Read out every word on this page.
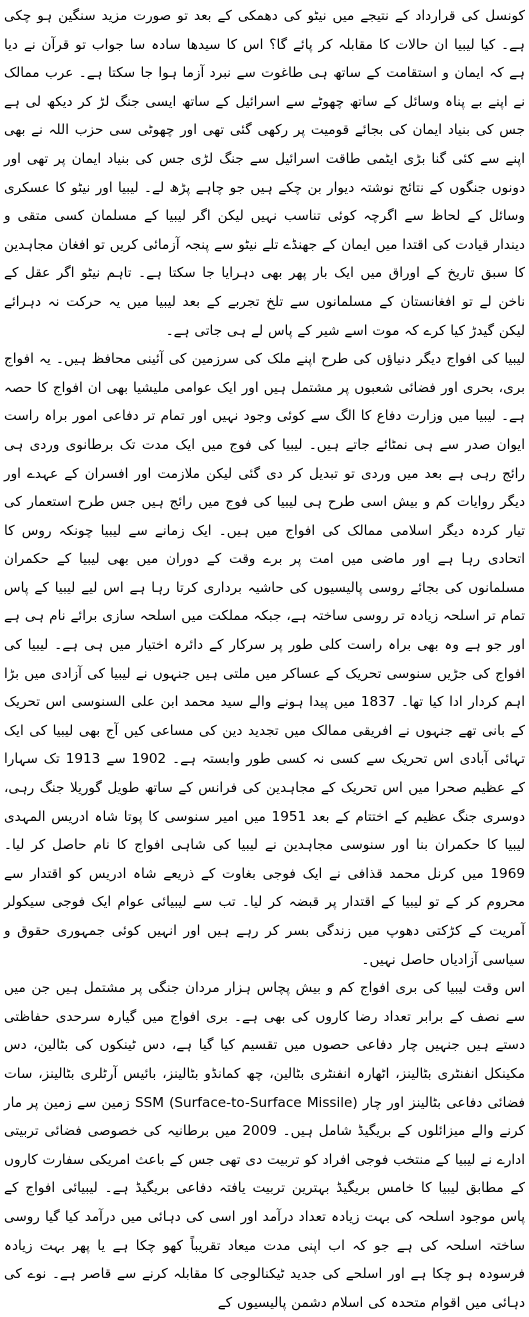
کونسل کی قرارداد کے نتیجے میں نیٹو کی دھمکی کے بعد تو صورت مزید سنگین ہو چکی ہے۔ کیا لیبیا ان حالات کا مقابلہ کر پائے گا؟ اس کا سیدھا سادہ سا جواب تو قرآن نے دیا ہے کہ ایمان و استقامت کے ساتھ ہی طاغوت سے نبرد آزما ہوا جا سکتا ہے۔ عرب ممالک نے اپنے بے پناہ وسائل کے ساتھ چھوٹے سے اسرائیل کے ساتھ ایسی جنگ لڑ کر دیکھ لی ہے جس کی بنیاد ایمان کی بجائے قومیت پر رکھی گئی تھی اور چھوٹی سی حزب اللہ نے بھی اپنے سے کئی گنا بڑی ایٹمی طاقت اسرائیل سے جنگ لڑی جس کی بنیاد ایمان پر تھی اور دونوں جنگوں کے نتائج نوشتہ دیوار بن چکے ہیں جو چاہے پڑھ لے۔ لیبیا اور نیٹو کا عسکری وسائل کے لحاظ سے اگرچہ کوئی تناسب نہیں لیکن اگر لیبیا کے مسلمان کسی متقی و دیندار قیادت کی اقتدا میں ایمان کے جھنڈے تلے نیٹو سے پنجہ آزمائی کریں تو افغان مجاہدین کا سبق تاریخ کے اوراق میں ایک بار پھر بھی دہرایا جا سکتا ہے۔ تاہم نیٹو اگر عقل کے ناخن لے تو افغانستان کے مسلمانوں سے تلخ تجربے کے بعد لیبیا میں یہ حرکت نہ دہرائے لیکن گیدڑ کیا کرے کہ موت اسے شیر کے پاس لے ہی جاتی ہے۔

لیبیا کی افواج دیگر دنیاؤں کی طرح اپنے ملک کی سرزمین کی آئینی محافظ ہیں۔ یہ افواج بری، بحری اور فضائی شعبوں پر مشتمل ہیں اور ایک عوامی ملیشیا بھی ان افواج کا حصہ ہے۔ لیبیا میں وزارت دفاع کا الگ سے کوئی وجود نہیں اور تمام تر دفاعی امور براہ راست ایوان صدر سے ہی نمٹائے جاتے ہیں۔ لیبیا کی فوج میں ایک مدت تک برطانوی وردی ہی رائج رہی ہے بعد میں وردی تو تبدیل کر دی گئی لیکن ملازمت اور افسران کے عہدے اور دیگر روایات کم و بیش اسی طرح ہی لیبیا کی فوج میں رائج ہیں جس طرح استعمار کی تیار کردہ دیگر اسلامی ممالک کی افواج میں ہیں۔ ایک زمانے سے لیبیا چونکہ روس کا اتحادی رہا ہے اور ماضی میں امت پر برے وقت کے دوران میں بھی لیبیا کے حکمران مسلمانوں کی بجائے روسی پالیسیوں کی حاشیہ برداری کرتا رہا ہے اس لیے لیبیا کے پاس تمام تر اسلحہ زیادہ تر روسی ساختہ ہے، جبکہ مملکت میں اسلحہ سازی برائے نام ہی ہے اور جو ہے وہ بھی براہ راست کلی طور پر سرکار کے دائرہ اختیار میں ہی ہے۔ لیبیا کی افواج کی جڑیں سنوسی تحریک کے عساکر میں ملتی ہیں جنہوں نے لیبیا کی آزادی میں بڑا اہم کردار ادا کیا تھا۔ 1837 میں پیدا ہونے والے سید محمد ابن علی السنوسی اس تحریک کے بانی تھے جنہوں نے افریقی ممالک میں تجدید دین کی مساعی کیں آج بھی لیبیا کی ایک تہائی آبادی اس تحریک سے کسی نہ کسی طور وابستہ ہے۔ 1902 سے 1913 تک سہارا کے عظیم صحرا میں اس تحریک کے مجاہدین کی فرانس کے ساتھ طویل گوریلا جنگ رہی، دوسری جنگ عظیم کے اختتام کے بعد 1951 میں امیر سنوسی کا پوتا شاہ ادریس المہدی لیبیا کا حکمران بنا اور سنوسی مجاہدین نے لیبیا کی شاہی افواج کا نام حاصل کر لیا۔ 1969 میں کرنل محمد قذافی نے ایک فوجی بغاوت کے ذریعے شاہ ادریس کو اقتدار سے محروم کر کے تو لیبیا کے اقتدار پر قبضہ کر لیا۔ تب سے لیبیائی عوام ایک فوجی سیکولر آمریت کے کڑکتی دھوپ میں زندگی بسر کر رہے ہیں اور انہیں کوئی جمہوری حقوق و سیاسی آزادیاں حاصل نہیں۔

اس وقت لیبیا کی بری افواج کم و بیش پچاس ہزار مردان جنگی پر مشتمل ہیں جن میں سے نصف کے برابر تعداد رضا کاروں کی بھی ہے۔ بری افواج میں گیارہ سرحدی حفاظتی دستے ہیں جنہیں چار دفاعی حصوں میں تقسیم کیا گیا ہے، دس ٹینکوں کی بٹالین، دس مکینکل انفنٹری بٹالینز، اٹھارہ انفنٹری بٹالین، چھ کمانڈو بٹالینز، بائیس آرٹلری بٹالینز، سات فضائی دفاعی بٹالینز اور چار SSM (Surface-to-Surface Missile) زمین سے زمین پر مار کرنے والے میزائلوں کے بریگیڈ شامل ہیں۔ 2009 میں برطانیہ کی خصوصی فضائی تربیتی ادارے نے لیبیا کے منتخب فوجی افراد کو تربیت دی تھی جس کے باعث امریکی سفارت کاروں کے مطابق لیبیا کا خامس بریگیڈ بہترین تربیت یافتہ دفاعی بریگیڈ ہے۔ لیبیائی افواج کے پاس موجود اسلحہ کی بہت زیادہ تعداد درآمد اور اسی کی دہائی میں درآمد کیا گیا روسی ساختہ اسلحہ کی ہے جو کہ اب اپنی مدت میعاد تقریباً کھو چکا ہے یا پھر بہت زیادہ فرسودہ ہو چکا ہے اور اسلحے کی جدید ٹیکنالوجی کا مقابلہ کرنے سے قاصر ہے۔ نوے کی دہائی میں اقوام متحدہ کی اسلام دشمن پالیسیوں کے
